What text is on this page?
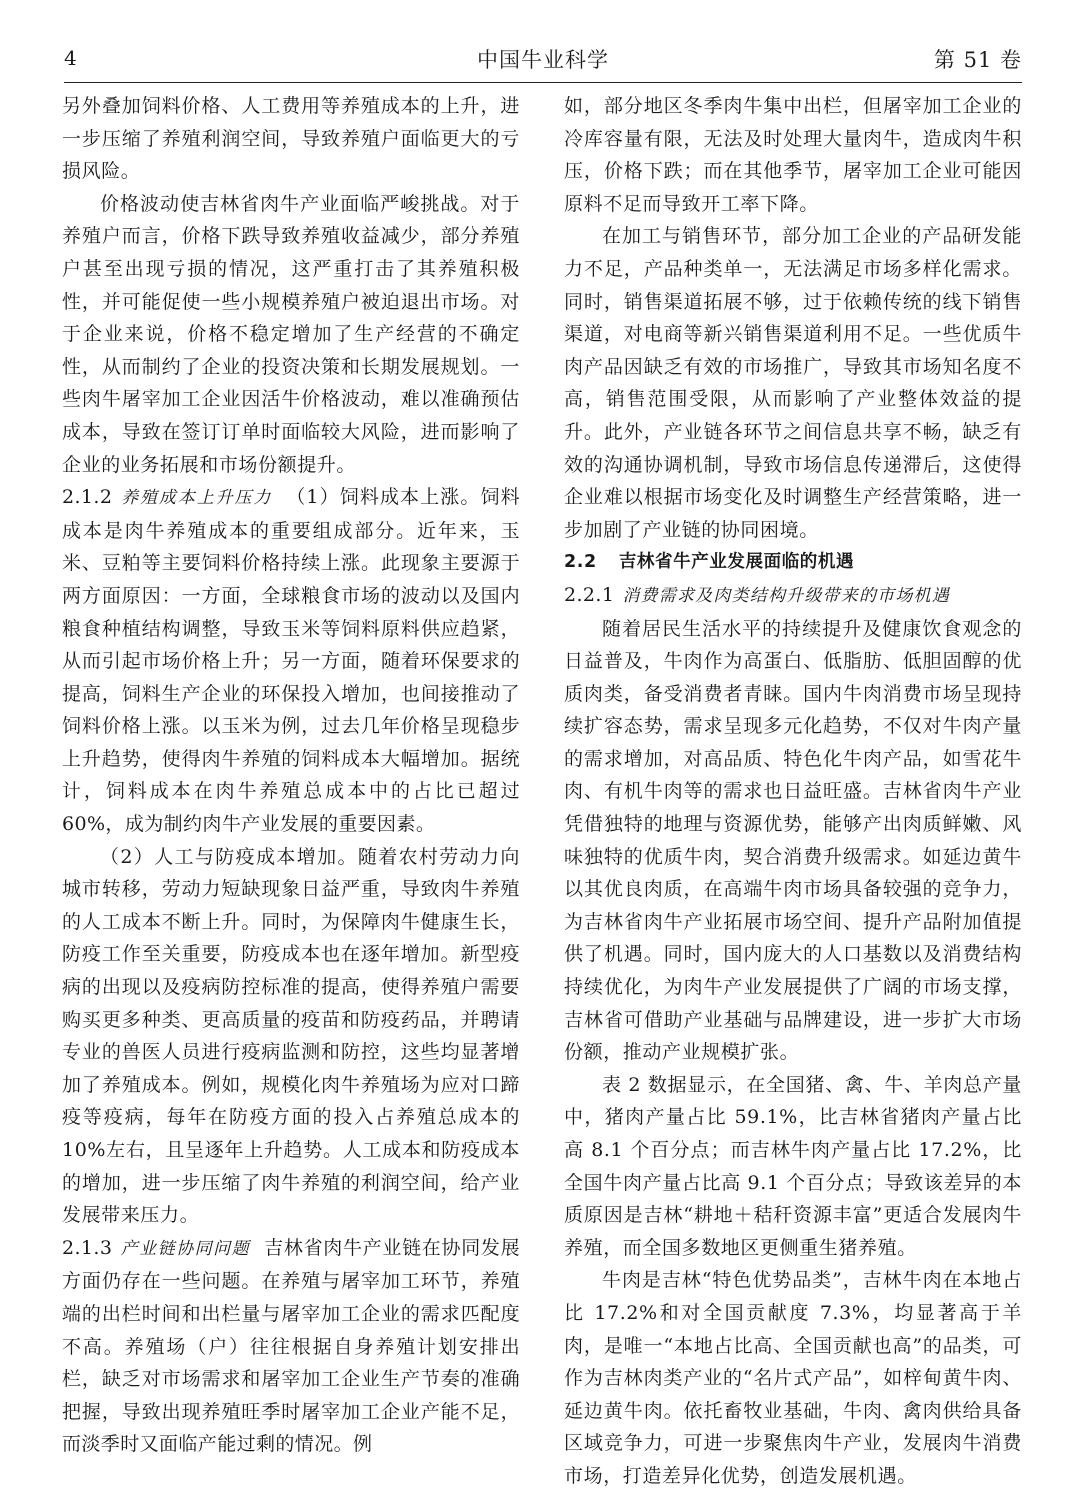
4	中国牛业科学	第 51 卷

另外叠加饲料价格、人工费用等养殖成本的上升，进一步压缩了养殖利润空间，导致养殖户面临更大的亏损风险。

价格波动使吉林省肉牛产业面临严峻挑战。对于养殖户而言，价格下跌导致养殖收益减少，部分养殖户甚至出现亏损的情况，这严重打击了其养殖积极性，并可能促使一些小规模养殖户被迫退出市场。对于企业来说，价格不稳定增加了生产经营的不确定性，从而制约了企业的投资决策和长期发展规划。一些肉牛屠宰加工企业因活牛价格波动，难以准确预估成本，导致在签订订单时面临较大风险，进而影响了企业的业务拓展和市场份额提升。

2.1.2 养殖成本上升压力 （1）饲料成本上涨。饲料成本是肉牛养殖成本的重要组成部分。近年来，玉米、豆粕等主要饲料价格持续上涨。此现象主要源于两方面原因：一方面，全球粮食市场的波动以及国内粮食种植结构调整，导致玉米等饲料原料供应趋紧，从而引起市场价格上升；另一方面，随着环保要求的提高，饲料生产企业的环保投入增加，也间接推动了饲料价格上涨。以玉米为例，过去几年价格呈现稳步上升趋势，使得肉牛养殖的饲料成本大幅增加。据统计，饲料成本在肉牛养殖总成本中的占比已超过 60%，成为制约肉牛产业发展的重要因素。

（2）人工与防疫成本增加。随着农村劳动力向城市转移，劳动力短缺现象日益严重，导致肉牛养殖的人工成本不断上升。同时，为保障肉牛健康生长，防疫工作至关重要，防疫成本也在逐年增加。新型疫病的出现以及疫病防控标准的提高，使得养殖户需要购买更多种类、更高质量的疫苗和防疫药品，并聘请专业的兽医人员进行疫病监测和防控，这些均显著增加了养殖成本。例如，规模化肉牛养殖场为应对口蹄疫等疫病，每年在防疫方面的投入占养殖总成本的 10%左右，且呈逐年上升趋势。人工成本和防疫成本的增加，进一步压缩了肉牛养殖的利润空间，给产业发展带来压力。

2.1.3 产业链协同问题 吉林省肉牛产业链在协同发展方面仍存在一些问题。在养殖与屠宰加工环节，养殖端的出栏时间和出栏量与屠宰加工企业的需求匹配度不高。养殖场（户）往往根据自身养殖计划安排出栏，缺乏对市场需求和屠宰加工企业生产节奏的准确把握，导致出现养殖旺季时屠宰加工企业产能不足，而淡季时又面临产能过剩的情况。例

如，部分地区冬季肉牛集中出栏，但屠宰加工企业的冷库容量有限，无法及时处理大量肉牛，造成肉牛积压，价格下跌；而在其他季节，屠宰加工企业可能因原料不足而导致开工率下降。

在加工与销售环节，部分加工企业的产品研发能力不足，产品种类单一，无法满足市场多样化需求。同时，销售渠道拓展不够，过于依赖传统的线下销售渠道，对电商等新兴销售渠道利用不足。一些优质牛肉产品因缺乏有效的市场推广，导致其市场知名度不高，销售范围受限，从而影响了产业整体效益的提升。此外，产业链各环节之间信息共享不畅，缺乏有效的沟通协调机制，导致市场信息传递滞后，这使得企业难以根据市场变化及时调整生产经营策略，进一步加剧了产业链的协同困境。

2.2 吉林省牛产业发展面临的机遇

2.2.1 消费需求及肉类结构升级带来的市场机遇

随着居民生活水平的持续提升及健康饮食观念的日益普及，牛肉作为高蛋白、低脂肪、低胆固醇的优质肉类，备受消费者青睐。国内牛肉消费市场呈现持续扩容态势，需求呈现多元化趋势，不仅对牛肉产量的需求增加，对高品质、特色化牛肉产品，如雪花牛肉、有机牛肉等的需求也日益旺盛。吉林省肉牛产业凭借独特的地理与资源优势，能够产出肉质鲜嫩、风味独特的优质牛肉，契合消费升级需求。如延边黄牛以其优良肉质，在高端牛肉市场具备较强的竞争力，为吉林省肉牛产业拓展市场空间、提升产品附加值提供了机遇。同时，国内庞大的人口基数以及消费结构持续优化，为肉牛产业发展提供了广阔的市场支撑，吉林省可借助产业基础与品牌建设，进一步扩大市场份额，推动产业规模扩张。

表 2 数据显示，在全国猪、禽、牛、羊肉总产量中，猪肉产量占比 59.1%，比吉林省猪肉产量占比高 8.1 个百分点；而吉林牛肉产量占比 17.2%，比全国牛肉产量占比高 9.1 个百分点；导致该差异的本质原因是吉林“耕地＋秸秆资源丰富”更适合发展肉牛养殖，而全国多数地区更侧重生猪养殖。

牛肉是吉林“特色优势品类”，吉林牛肉在本地占比 17.2%和对全国贡献度 7.3%，均显著高于羊肉，是唯一“本地占比高、全国贡献也高”的品类，可作为吉林肉类产业的“名片式产品”，如梓甸黄牛肉、延边黄牛肉。依托畜牧业基础，牛肉、禽肉供给具备区域竞争力，可进一步聚焦肉牛产业，发展肉牛消费市场，打造差异化优势，创造发展机遇。
